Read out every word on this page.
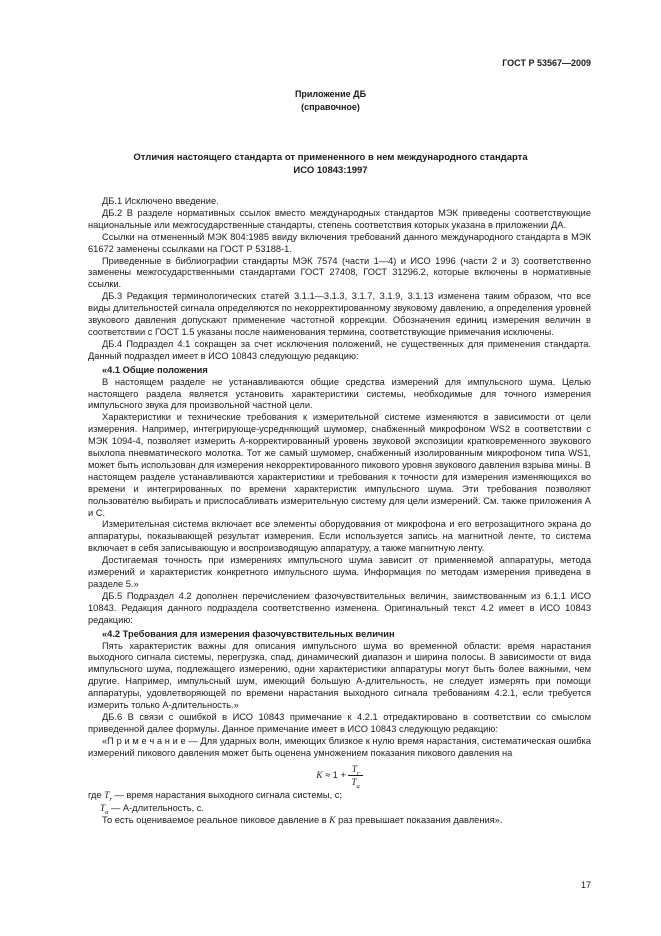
ГОСТ Р 53567—2009
Приложение ДБ
(справочное)
Отличия настоящего стандарта от примененного в нем международного стандарта
ИСО 10843:1997

ДБ.1 Исключено введение.

ДБ.2 В разделе нормативных ссылок вместо международных стандартов МЭК приведены соответствующие национальные или межгосударственные стандарты, степень соответствия которых указана в приложении ДА.

Ссылки на отмененный МЭК 804:1985 ввиду включения требований данного международного стандарта в МЭК 61672 заменены ссылками на ГОСТ Р 53188-1.

Приведенные в библиографии стандарты МЭК 7574 (части 1—4) и ИСО 1996 (части 2 и 3) соответственно заменены межгосударственными стандартами ГОСТ 27408, ГОСТ 31296.2, которые включены в нормативные ссылки.

ДБ.3 Редакция терминологических статей 3.1.1—3.1.3, 3.1.7, 3.1.9, 3.1.13 изменена таким образом, что все виды длительностей сигнала определяются по некорректированному звуковому давлению, а определения уровней звукового давления допускают применение частотной коррекции. Обозначения единиц измерения величин в соответствии с ГОСТ 1.5 указаны после наименования термина, соответствующие примечания исключены.

ДБ.4 Подраздел 4.1 сокращен за счет исключения положений, не существенных для применения стандарта. Данный подраздел имеет в ИСО 10843 следующую редакцию:

«4.1 Общие положения

В настоящем разделе не устанавливаются общие средства измерений для импульсного шума. Целью настоящего раздела является установить характеристики системы, необходимые для точного измерения импульсного звука для произвольной частной цели.

Характеристики и технические требования к измерительной системе изменяются в зависимости от цели измерения. Например, интегрирующе-усредняющий шумомер, снабженный микрофоном WS2 в соответствии с МЭК 1094-4, позволяет измерить А-корректированный уровень звуковой экспозиции кратковременного звукового выхлопа пневматического молотка. Тот же самый шумомер, снабженный изолированным микрофоном типа WS1, может быть использован для измерения некорректированного пикового уровня звукового давления взрыва мины. В настоящем разделе устанавливаются характеристики и требования к точности для измерения изменяющихся во времени и интегрированных по времени характеристик импульсного шума. Эти требования позволяют пользователю выбирать и приспосабливать измерительную систему для цели измерений. См. также приложения А и С.

Измерительная система включает все элементы оборудования от микрофона и его ветрозащитного экрана до аппаратуры, показывающей результат измерения. Если используется запись на магнитной ленте, то система включает в себя записывающую и воспроизводящую аппаратуру, а также магнитную ленту.

Достигаемая точность при измерениях импульсного шума зависит от применяемой аппаратуры, метода измерений и характеристик конкретного импульсного шума. Информация по методам измерения приведена в разделе 5.»

ДБ.5 Подраздел 4.2 дополнен перечислением фазочувствительных величин, заимствованным из 6.1.1 ИСО 10843. Редакция данного подраздела соответственно изменена. Оригинальный текст 4.2 имеет в ИСО 10843 редакцию:

«4.2 Требования для измерения фазочувствительных величин

Пять характеристик важны для описания импульсного шума во временной области: время нарастания выходного сигнала системы, перегрузка, спад, динамический диапазон и ширина полосы. В зависимости от вида импульсного шума, подлежащего измерению, одни характеристики аппаратуры могут быть более важными, чем другие. Например, импульсный шум, имеющий большую А-длительность, не следует измерять при помощи аппаратуры, удовлетворяющей по времени нарастания выходного сигнала требованиям 4.2.1, если требуется измерить только А-длительность.»

ДБ.6 В связи с ошибкой в ИСО 10843 примечание к 4.2.1 отредактировано в соответствии со смыслом приведенной далее формулы. Данное примечание имеет в ИСО 10843 следующую редакцию:

«П р и м е ч а н и е — Для ударных волн, имеющих близкое к нулю время нарастания, систематическая ошибка измерений пикового давления может быть оценена умножением показания пикового давления на

$K \approx 1 + \frac{T_r}{T_a}$

где $T_r$ — время нарастания выходного сигнала системы, с;

$T_a$ — А-длительность, с.

То есть оцениваемое реальное пиковое давление в K раз превышает показания давления».

17
